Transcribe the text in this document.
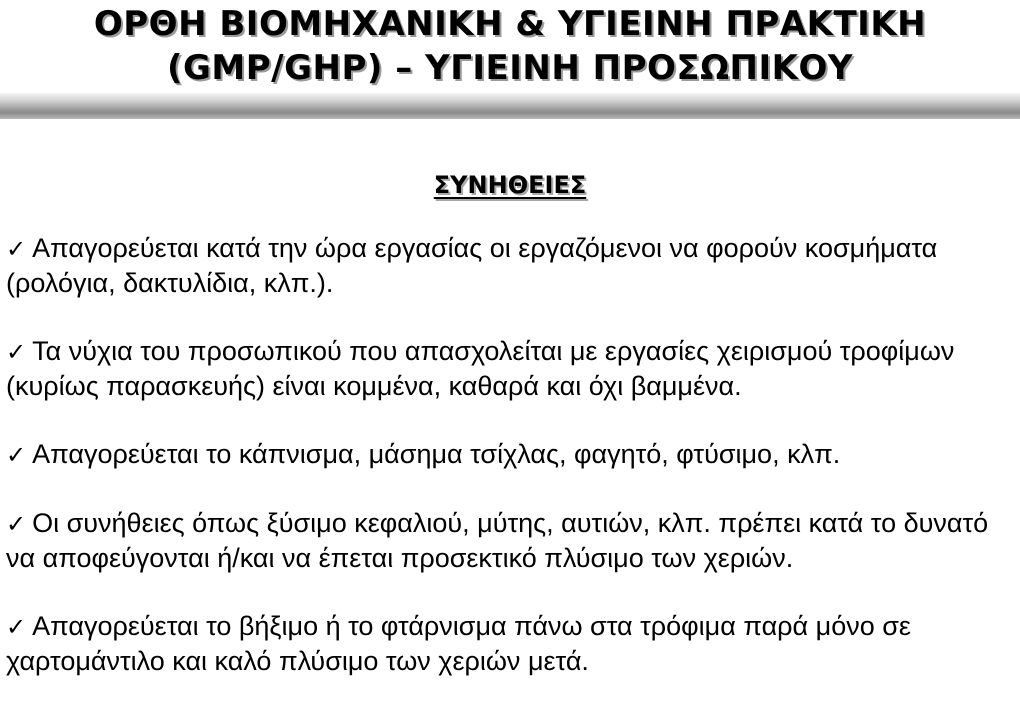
ΟΡΘΗ ΒΙΟΜΗΧΑΝΙΚΗ & ΥΓΙΕΙΝΗ ΠΡΑΚΤΙΚΗ
(GMP/GHP) – ΥΓΙΕΙΝΗ ΠΡΟΣΩΠΙΚΟΥ
ΣΥΝΗΘΕΙΕΣ
✓ Απαγορεύεται κατά την ώρα εργασίας οι εργαζόμενοι να φορούν κοσμήματα (ρολόγια, δακτυλίδια, κλπ.).
✓ Τα νύχια του προσωπικού που απασχολείται με εργασίες χειρισμού τροφίμων (κυρίως παρασκευής) είναι κομμένα, καθαρά και όχι βαμμένα.
✓ Απαγορεύεται το κάπνισμα, μάσημα τσίχλας, φαγητό, φτύσιμο, κλπ.
✓ Οι συνήθειες όπως ξύσιμο κεφαλιού, μύτης, αυτιών, κλπ. πρέπει κατά το δυνατό να αποφεύγονται ή/και να έπεται προσεκτικό πλύσιμο των χεριών.
✓ Απαγορεύεται το βήξιμο ή το φτάρνισμα πάνω στα τρόφιμα παρά μόνο σε χαρτομάντιλο και καλό πλύσιμο των χεριών μετά.
